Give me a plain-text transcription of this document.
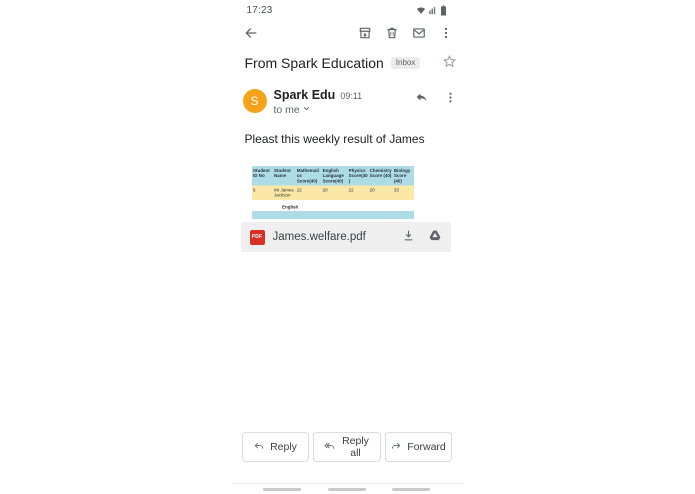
17:23
From Spark Education	Inbox
S	Spark Edu 09:11
to me
Pleast this weekly result of James
Student ID No	Student Name	Mathematics Score(40)	English Language Score(40)	Physics Score(40)	Chemistry Score (40)	Biology Score (40)
6	Mr James Jackson	22	20	22	20	33
English
PDF James.welfare.pdf
Reply	Reply all	Forward
